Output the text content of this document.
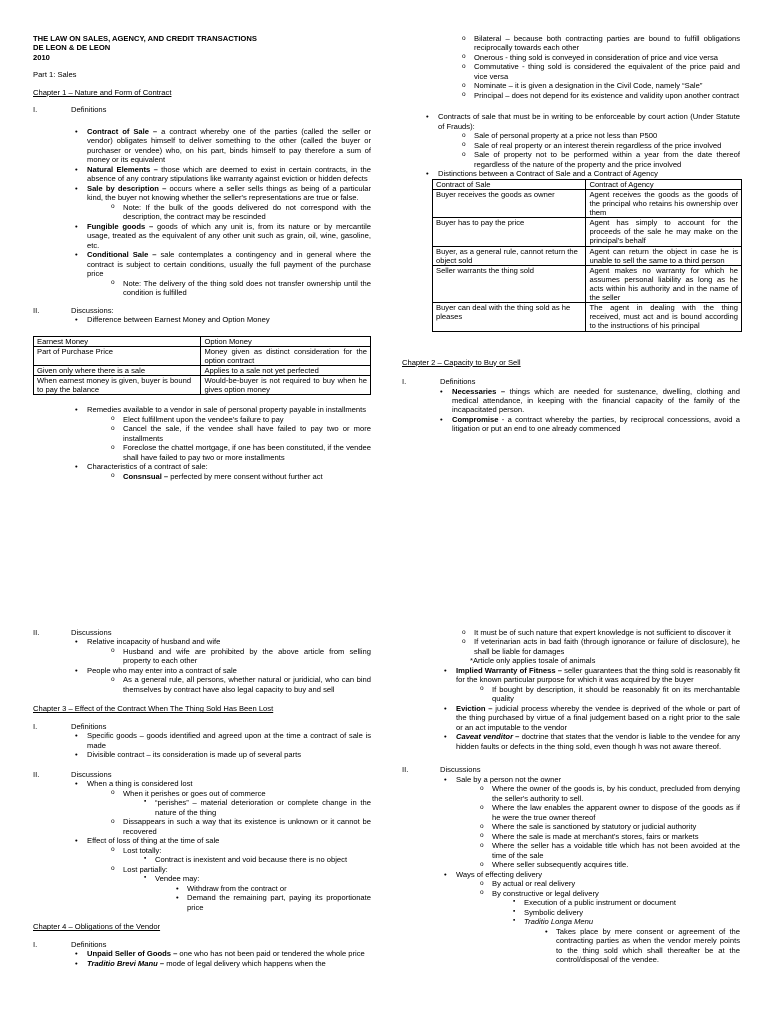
THE LAW ON SALES, AGENCY, AND CREDIT TRANSACTIONS
DE LEON & DE LEON
2010
Part 1: Sales
Chapter 1 – Nature and Form of Contract
I.	Definitions
• Contract of Sale – a contract whereby one of the parties (called the seller or vendor) obligates himself to deliver something to the other (called the buyer or purchaser or vendee) who, on his part, binds himself to pay therefore a sum of money or its equivalent
• Natural Elements – those which are deemed to exist in certain contracts, in the absence of any contrary stipulations like warranty against eviction or hidden defects
• Sale by description – occurs where a seller sells things as being of a particular kind, the buyer not knowing whether the seller's representations are true or false.
o Note: If the bulk of the goods delivered do not correspond with the description, the contract may be rescinded
• Fungible goods – goods of which any unit is, from its nature or by mercantile usage, treated as the equivalent of any other unit such as grain, oil, wine, gasoline, etc.
• Conditional Sale – sale contemplates a contingency and in general where the contract is subject to certain conditions, usually the full payment of the purchase price
o Note: The delivery of the thing sold does not transfer ownership until the condition is fulfilled
II.	Discussions:
• Difference between Earnest Money and Option Money
Earnest Money	Option Money
Part of Purchase Price	Money given as distinct consideration for the option contract
Given only where there is a sale	Applies to a sale not yet perfected
When earnest money is given, buyer is bound to pay the balance	Would-be-buyer is not required to buy when he gives option money
• Remedies available to a vendor in sale of personal property payable in installments
o Elect fulfillment upon the vendee's failure to pay
o Cancel the sale, if the vendee shall have failed to pay two or more installments
o Foreclose the chattel mortgage, if one has been constituted, if the vendee shall have failed to pay two or more installments
• Characteristics of a contract of sale:
o Consnsual – perfected by mere consent without further act
o Bilateral – because both contracting parties are bound to fulfill obligations reciprocally towards each other
o Onerous - thing sold is conveyed in consideration of price and vice versa
o Commutative - thing sold is considered the equivalent of the price paid and vice versa
o Nominate – it is given a designation in the Civil Code, namely “Sale”
o Principal – does not depend for its existence and validity upon another contract
• Contracts of sale that must be in writing to be enforceable by court action (Under Statute of Frauds):
o Sale of personal property at a price not less than P500
o Sale of real property or an interest therein regardless of the price involved
o Sale of property not to be performed within a year from the date thereof regardless of the nature of the property and the price involved
• Distinctions between a Contract of Sale and a Contract of Agency
Contract of Sale	Contract of Agency
Buyer receives the goods as owner	Agent receives the goods as the goods of the principal who retains his ownership over them
Buyer has to pay the price	Agent has simply to account for the proceeds of the sale he may make on the principal's behalf
Buyer, as a general rule, cannot return the object sold	Agent can return the object in case he is unable to sell the same to a third person
Seller warrants the thing sold	Agent makes no warranty for which he assumes personal liability as long as he acts within his authority and in the name of the seller
Buyer can deal with the thing sold as he pleases	The agent in dealing with the thing received, must act and is bound according to the instructions of his principal
Chapter 2 – Capacity to Buy or Sell
I.	Definitions
• Necessaries – things which are needed for sustenance, dwelling, clothing and medical attendance, in keeping with the financial capacity of the family of the incapacitated person.
• Compromise - a contract whereby the parties, by reciprocal concessions, avoid a litigation or put an end to one already commenced
II.	Discussions
• Relative incapacity of husband and wife
o Husband and wife are prohibited by the above article from selling property to each other
• People who may enter into a contract of sale
o As a general rule, all persons, whether natural or juridicial, who can bind themselves by contract have also legal capacity to buy and sell
Chapter 3 – Effect of the Contract When The Thing Sold Has Been Lost
I.	Definitions
• Specific goods – goods identified and agreed upon at the time a contract of sale is made
• Divisible contract – its consideration is made up of several parts
II.	Discussions
• When a thing is considered lost
o When it perishes or goes out of commerce
▪ “perishes” – material deterioration or complete change in the nature of the thing
o Dissappears in such a way that its existence is unknown or it cannot be recovered
• Effect of loss of thing at the time of sale
o Lost totally:
▪ Contract is inexistent and void because there is no object
o Lost partially:
▪ Vendee may:
• Withdraw from the contract or
• Demand the remaining part, paying its proportionate price
Chapter 4 – Obligations of the Vendor
I.	Definitions
• Unpaid Seller of Goods – one who has not been paid or tendered the whole price
• Traditio Brevi Manu – mode of legal delivery which happens when the
o It must be of such nature that expert knowledge is not sufficient to discover it
o If veterinarian acts in bad faith (through ignorance or failure of disclosure), he shall be liable for damages
*Article only applies tosale of animals
• Implied Warranty of Fitness – seller guarantees that the thing sold is reasonably fit for the known particular purpose for which it was acquired by the buyer
o If bought by description, it should be reasonably fit on its merchantable quality
• Eviction – judicial process whereby the vendee is deprived of the whole or part of the thing purchased by virtue of a final judgement based on a right prior to the sale or an act imputable to the vendor
• Caveat venditor – doctrine that states that the vendor is liable to the vendee for any hidden faults or defects in the thing sold, even though h was not aware thereof.
II.	Discussions
• Sale by a person not the owner
o Where the owner of the goods is, by his conduct, precluded from denying the seller's authority to sell.
o Where the law enables the apparent owner to dispose of the goods as if he were the true owner thereof
o Where the sale is sanctioned by statutory or judicial authority
o Where the sale is made at merchant's stores, fairs or markets
o Where the seller has a voidable title which has not been avoided at the time of the sale
o Where seller subsequently acquires title.
• Ways of effecting delivery
o By actual or real delivery
o By constructive or legal delivery
▪ Execution of a public instrument or document
▪ Symbolic delivery
▪ Traditio Longa Menu
• Takes place by mere consent or agreement of the contracting parties as when the vendor merely points to the thing sold which shall thereafter be at the control/disposal of the vendee.
